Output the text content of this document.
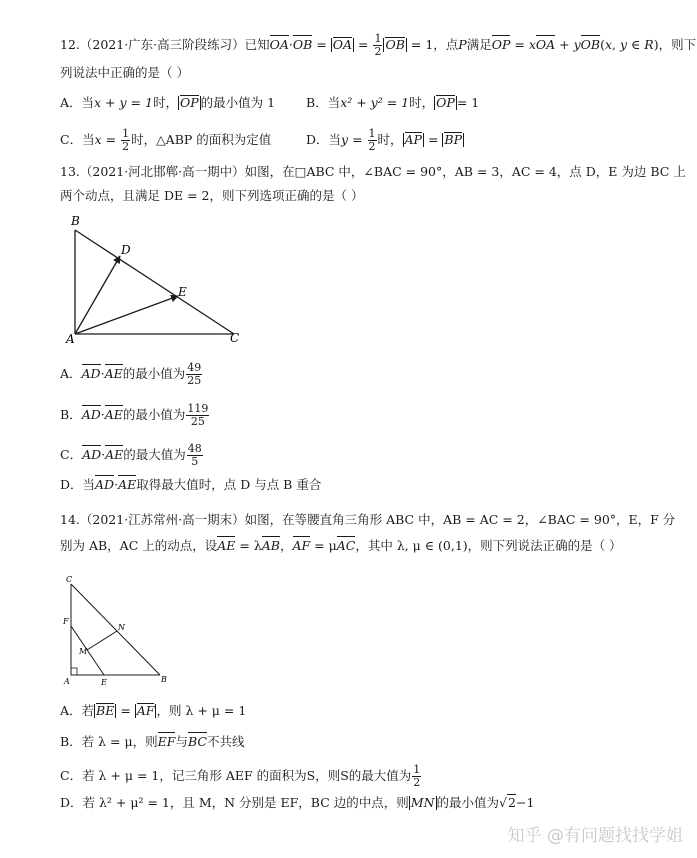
12.（2021·广东·高三阶段练习）已知OA·OB = OA = $\frac{1}{2}$ OB = 1，点P满足OP = xOA + yOB(x, y ∈ R)，则下
列说法中正确的是（ ）
A．当x + y = 1时， OP 的最小值为 1 B．当x² + y² = 1时， OP = 1
C．当$x = \frac{1}{2}$ 时，△ABP 的面积为定值	D．当$y = \frac{1}{2}$ 时， AP = BP
13.（2021·河北邯郸·高一期中）如图，在□ABC 中，∠BAC = 90°，AB = 3，AC = 4，点 D，E 为边 BC 上
两个动点，且满足 DE = 2，则下列选项正确的是（ ）
B
D
E
A	C
A．AD·AE的最小值为 $\frac{49}{25}$
B．AD·AE的最小值为 $\frac{119}{25}$
C．AD·AE的最大值为 $\frac{48}{5}$
D．当AD·AE取得最大值时，点 D 与点 B 重合
14.（2021·江苏常州·高一期末）如图，在等腰直角三角形 ABC 中，AB = AC = 2，∠BAC = 90°，E，F 分
别为 AB，AC 上的动点，设AE = λAB，AF = μAC，其中 λ, μ ∈ (0,1)，则下列说法正确的是（ ）
C
F
N
M
A	E	B
A．若 BE = AF ，则 λ + μ = 1
B．若 λ = μ，则EF与BC不共线
C．若 λ + μ = 1，记三角形 AEF 的面积为S，则S的最大值为 $\frac{1}{2}$
D．若 λ² + μ² = 1，且 M，N 分别是 EF，BC 边的中点，则 MN 的最小值为√2−1
知乎 @有问题找找学姐
